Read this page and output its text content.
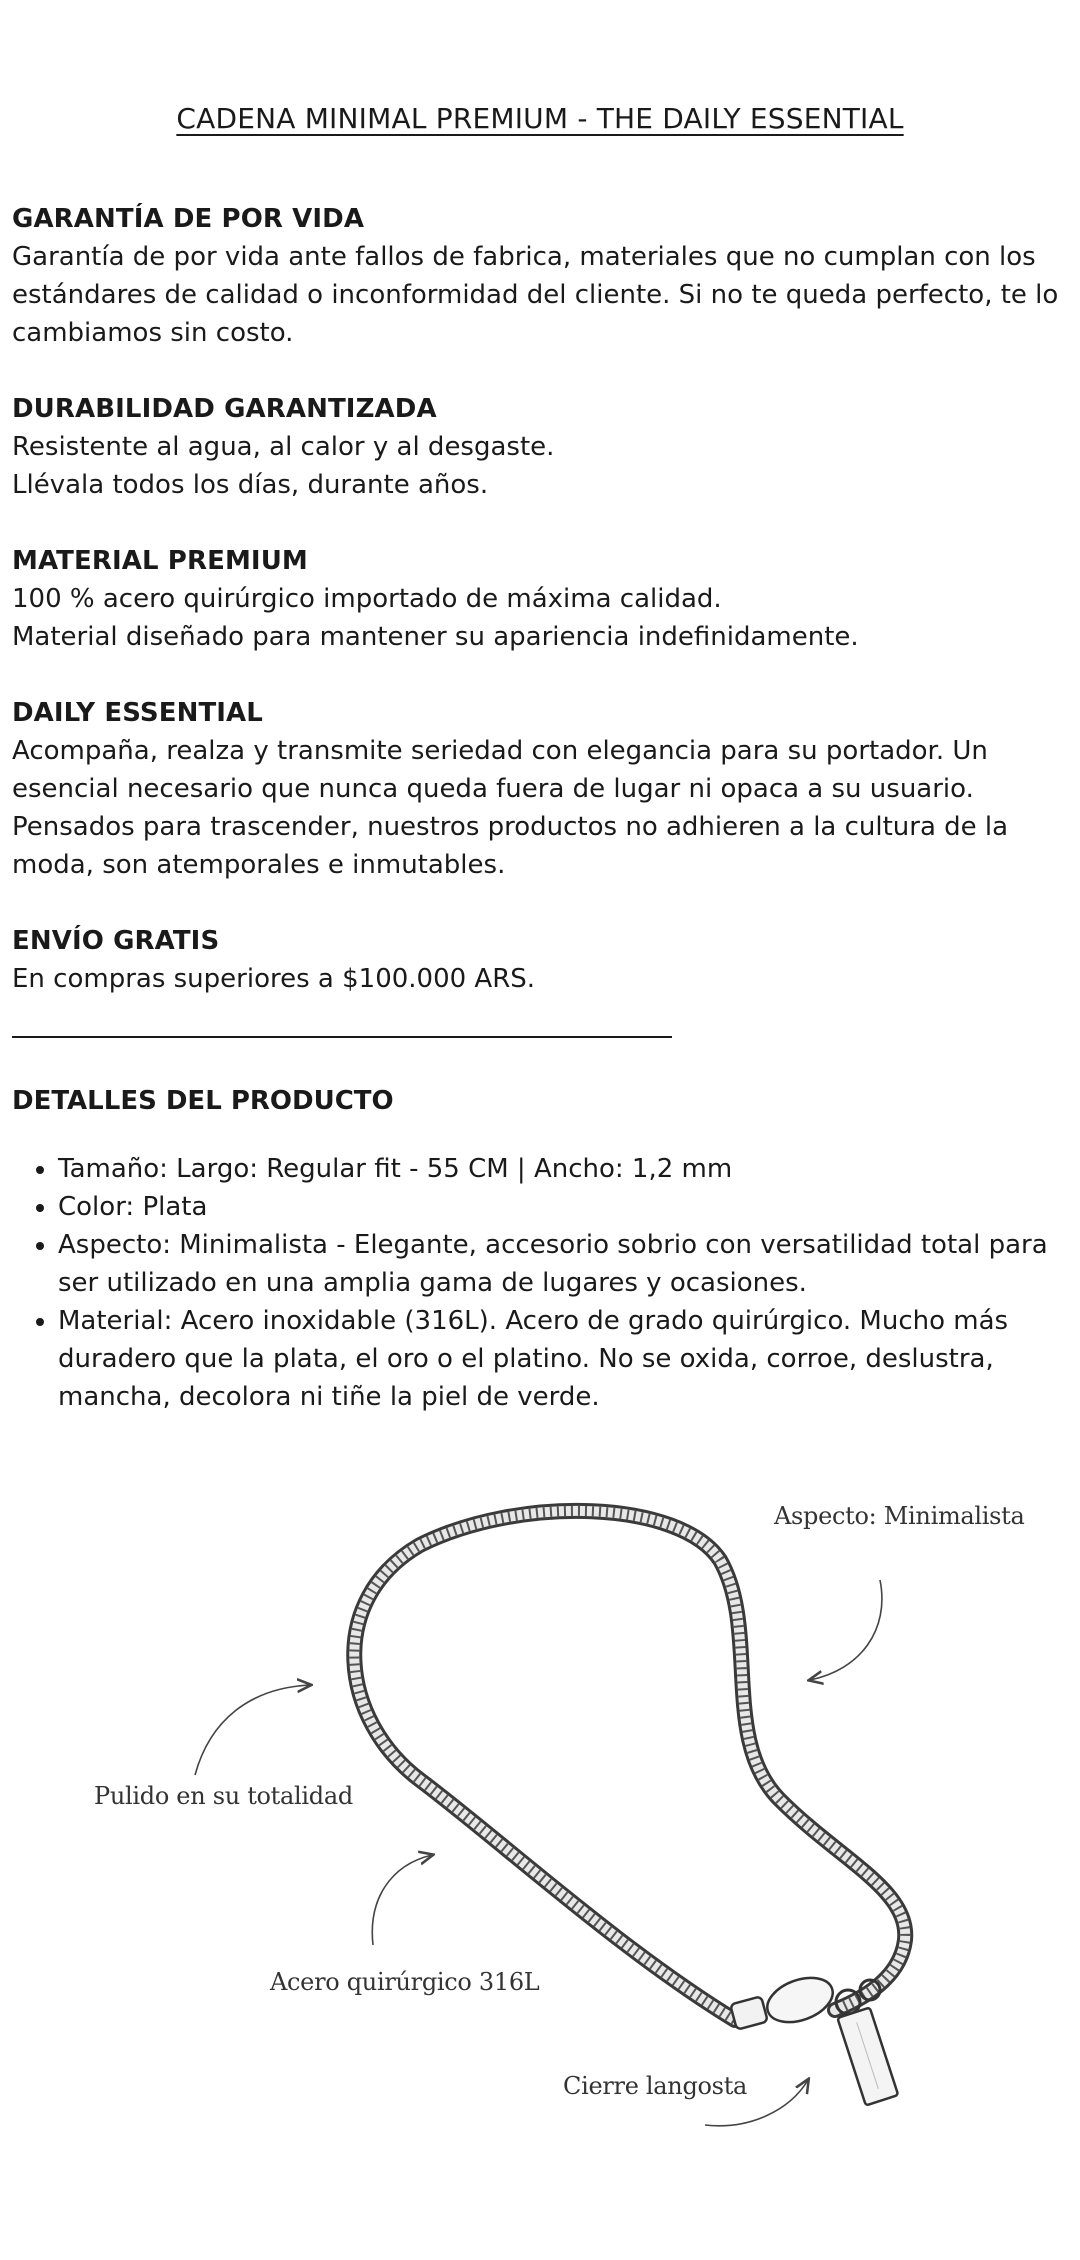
CADENA MINIMAL PREMIUM - THE DAILY ESSENTIAL
GARANTÍA DE POR VIDA

Garantía de por vida ante fallos de fabrica, materiales que no cumplan con los estándares de calidad o inconformidad del cliente. Si no te queda perfecto, te lo cambiamos sin costo.

DURABILIDAD GARANTIZADA

Resistente al agua, al calor y al desgaste.

Llévala todos los días, durante años.

MATERIAL PREMIUM

100 % acero quirúrgico importado de máxima calidad.

Material diseñado para mantener su apariencia indefinidamente.

DAILY ESSENTIAL

Acompaña, realza y transmite seriedad con elegancia para su portador. Un esencial necesario que nunca queda fuera de lugar ni opaca a su usuario. Pensados para trascender, nuestros productos no adhieren a la cultura de la moda, son atemporales e inmutables.

ENVÍO GRATIS

En compras superiores a $100.000 ARS.

DETALLES DEL PRODUCTO
• Tamaño: Largo: Regular fit - 55 CM | Ancho: 1,2 mm
• Color: Plata
• Aspecto: Minimalista - Elegante, accesorio sobrio con versatilidad total para ser utilizado en una amplia gama de lugares y ocasiones.
• Material: Acero inoxidable (316L). Acero de grado quirúrgico. Mucho más duradero que la plata, el oro o el platino. No se oxida, corroe, deslustra, mancha, decolora ni tiñe la piel de verde.
Aspecto: Minimalista
Pulido en su totalidad
Acero quirúrgico 316L
Cierre langosta
